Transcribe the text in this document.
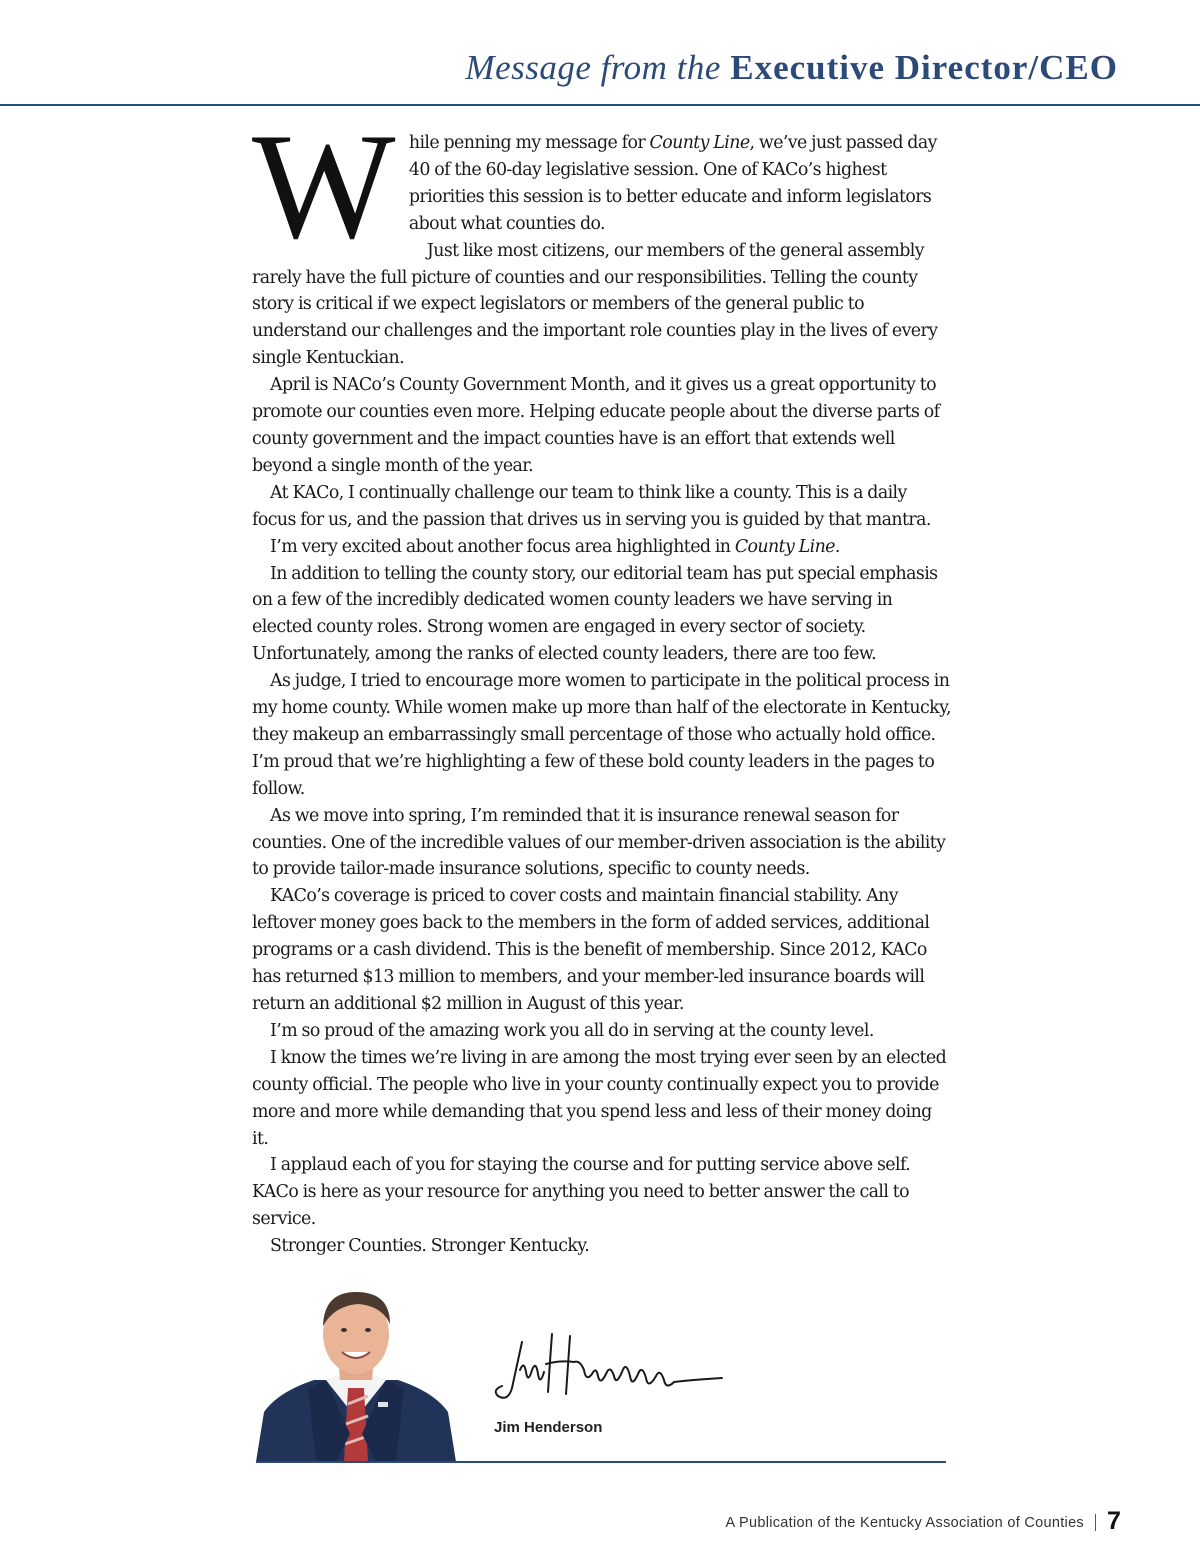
Message from the Executive Director/CEO

While penning my message for County Line, we’ve just passed day 40 of the 60-day legislative session. One of KACo’s highest priorities this session is to better educate and inform legislators about what counties do.

Just like most citizens, our members of the general assembly rarely have the full picture of counties and our responsibilities. Telling the county story is critical if we expect legislators or members of the general public to understand our challenges and the important role counties play in the lives of every single Kentuckian.

April is NACo’s County Government Month, and it gives us a great opportunity to promote our counties even more. Helping educate people about the diverse parts of county government and the impact counties have is an effort that extends well beyond a single month of the year.

At KACo, I continually challenge our team to think like a county. This is a daily focus for us, and the passion that drives us in serving you is guided by that mantra.

I’m very excited about another focus area highlighted in County Line.

In addition to telling the county story, our editorial team has put special emphasis on a few of the incredibly dedicated women county leaders we have serving in elected county roles. Strong women are engaged in every sector of society. Unfortunately, among the ranks of elected county leaders, there are too few.

As judge, I tried to encourage more women to participate in the political process in my home county. While women make up more than half of the electorate in Kentucky, they makeup an embarrassingly small percentage of those who actually hold office. I’m proud that we’re highlighting a few of these bold county leaders in the pages to follow.

As we move into spring, I’m reminded that it is insurance renewal season for counties. One of the incredible values of our member-driven association is the ability to provide tailor-made insurance solutions, specific to county needs.

KACo’s coverage is priced to cover costs and maintain financial stability. Any leftover money goes back to the members in the form of added services, additional programs or a cash dividend. This is the benefit of membership. Since 2012, KACo has returned $13 million to members, and your member-led insurance boards will return an additional $2 million in August of this year.

I’m so proud of the amazing work you all do in serving at the county level.

I know the times we’re living in are among the most trying ever seen by an elected county official. The people who live in your county continually expect you to provide more and more while demanding that you spend less and less of their money doing it.

I applaud each of you for staying the course and for putting service above self. KACo is here as your resource for anything you need to better answer the call to service.

Stronger Counties. Stronger Kentucky.

Jim Henderson
A Publication of the Kentucky Association of Counties 7
